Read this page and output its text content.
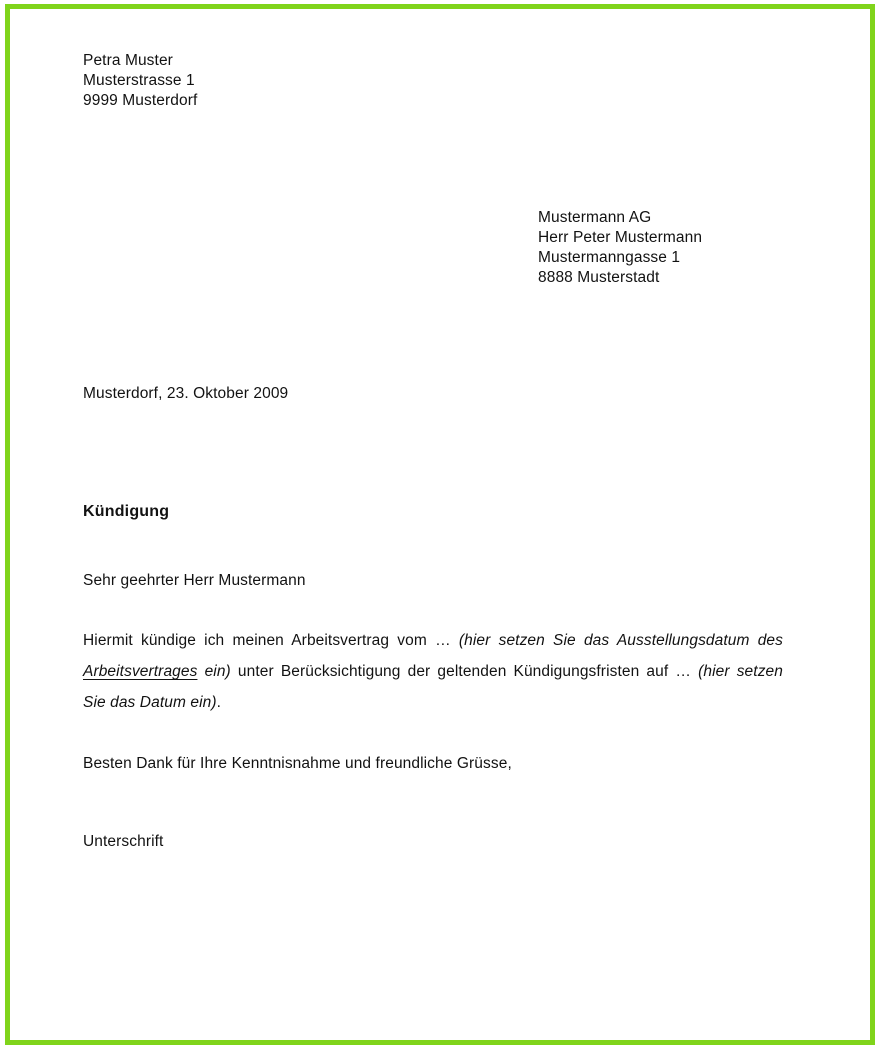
Petra Muster
Musterstrasse 1
9999 Musterdorf
Mustermann AG
Herr Peter Mustermann
Mustermanngasse 1
8888 Musterstadt
Musterdorf, 23. Oktober 2009
Kündigung
Sehr geehrter Herr Mustermann
Hiermit kündige ich meinen Arbeitsvertrag vom … (hier setzen Sie das Ausstellungsdatum des Arbeitsvertrages ein) unter Berücksichtigung der geltenden Kündigungsfristen auf … (hier setzen Sie das Datum ein).
Besten Dank für Ihre Kenntnisnahme und freundliche Grüsse,
Unterschrift
